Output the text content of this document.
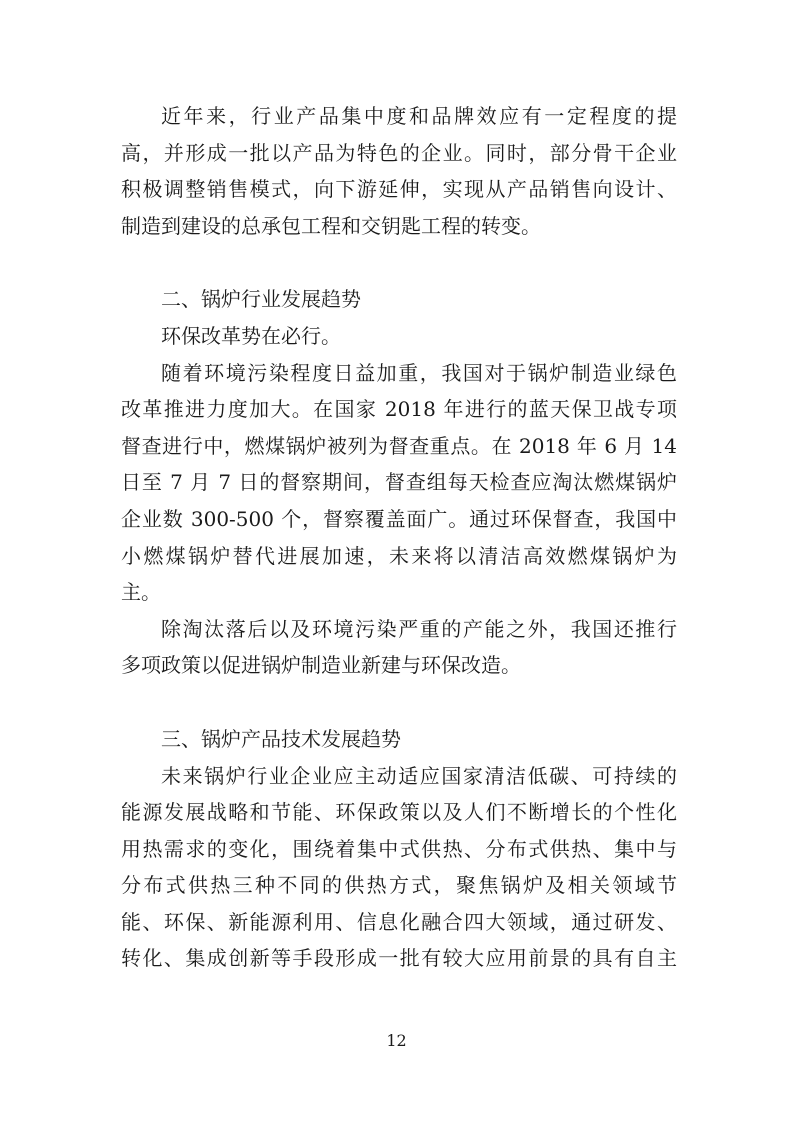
近年来，行业产品集中度和品牌效应有一定程度的提
高，并形成一批以产品为特色的企业。同时，部分骨干企业
积极调整销售模式，向下游延伸，实现从产品销售向设计、
制造到建设的总承包工程和交钥匙工程的转变。
二、锅炉行业发展趋势
环保改革势在必行。
随着环境污染程度日益加重，我国对于锅炉制造业绿色
改革推进力度加大。在国家 2018 年进行的蓝天保卫战专项
督查进行中，燃煤锅炉被列为督查重点。在 2018 年 6 月 14
日至 7 月 7 日的督察期间，督查组每天检查应淘汰燃煤锅炉
企业数 300-500 个，督察覆盖面广。通过环保督查，我国中
小燃煤锅炉替代进展加速，未来将以清洁高效燃煤锅炉为
主。
除淘汰落后以及环境污染严重的产能之外，我国还推行
多项政策以促进锅炉制造业新建与环保改造。
三、锅炉产品技术发展趋势
未来锅炉行业企业应主动适应国家清洁低碳、可持续的
能源发展战略和节能、环保政策以及人们不断增长的个性化
用热需求的变化，围绕着集中式供热、分布式供热、集中与
分布式供热三种不同的供热方式，聚焦锅炉及相关领域节
能、环保、新能源利用、信息化融合四大领域，通过研发、
转化、集成创新等手段形成一批有较大应用前景的具有自主
12
